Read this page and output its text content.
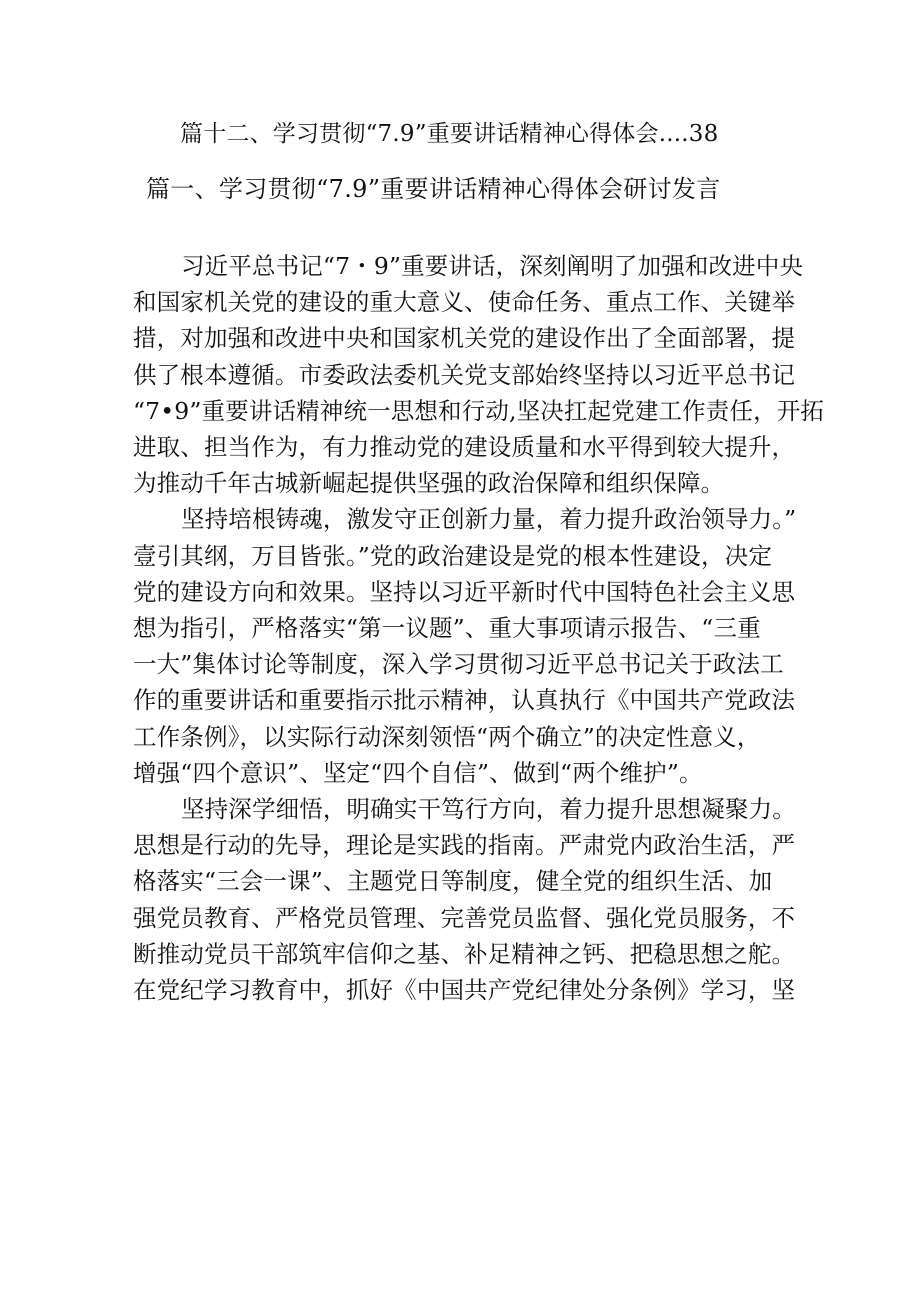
篇十二、学习贯彻“7.9”重要讲话精神心得体会....38
篇一、学习贯彻“7.9”重要讲话精神心得体会研讨发言
习近平总书记“7・9”重要讲话，深刻阐明了加强和改进中央
和国家机关党的建设的重大意义、使命任务、重点工作、关键举
措，对加强和改进中央和国家机关党的建设作出了全面部署，提
供了根本遵循。市委政法委机关党支部始终坚持以习近平总书记
“7•9”重要讲话精神统一思想和行动,坚决扛起党建工作责任，开拓
进取、担当作为，有力推动党的建设质量和水平得到较大提升，
为推动千年古城新崛起提供坚强的政治保障和组织保障。
坚持培根铸魂，激发守正创新力量，着力提升政治领导力。”
壹引其纲，万目皆张。”党的政治建设是党的根本性建设，决定
党的建设方向和效果。坚持以习近平新时代中国特色社会主义思
想为指引，严格落实“第一议题”、重大事项请示报告、“三重
一大”集体讨论等制度，深入学习贯彻习近平总书记关于政法工
作的重要讲话和重要指示批示精神，认真执行《中国共产党政法
工作条例》，以实际行动深刻领悟“两个确立”的决定性意义，
增强“四个意识”、坚定“四个自信”、做到“两个维护”。
坚持深学细悟，明确实干笃行方向，着力提升思想凝聚力。
思想是行动的先导，理论是实践的指南。严肃党内政治生活，严
格落实“三会一课”、主题党日等制度，健全党的组织生活、加
强党员教育、严格党员管理、完善党员监督、强化党员服务，不
断推动党员干部筑牢信仰之基、补足精神之钙、把稳思想之舵。
在党纪学习教育中，抓好《中国共产党纪律处分条例》学习，坚
